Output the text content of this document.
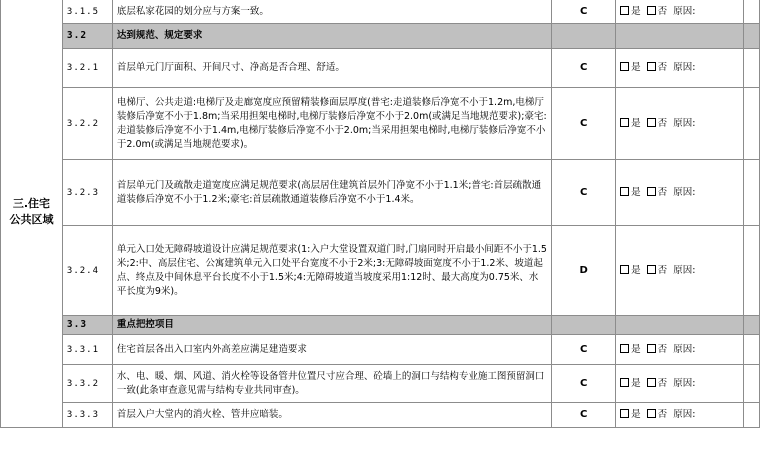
三.住宅
公共区域	3.1.5	底层私家花园的划分应与方案一致。	C	是 否 原因:	
	3.2	达到规范、规定要求			
	3.2.1	首层单元门厅面积、开间尺寸、净高是否合理、舒适。	C	是 否 原因:	
	3.2.2	电梯厅、公共走道:电梯厅及走廊宽度应预留精装修面层厚度(普宅:走道装修后净宽不小于1.2m,电梯厅装修后净宽不小于1.8m;当采用担架电梯时,电梯厅装修后净宽不小于2.0m(或满足当地规范要求);豪宅:走道装修后净宽不小于1.4m,电梯厅装修后净宽不小于2.0m;当采用担架电梯时,电梯厅装修后净宽不小于2.0m(或满足当地规范要求)。	C	是 否 原因:	
	3.2.3	首层单元门及疏散走道宽度应满足规范要求(高层居住建筑首层外门净宽不小于1.1米;普宅:首层疏散通道装修后净宽不小于1.2米;豪宅:首层疏散通道装修后净宽不小于1.4米。	C	是 否 原因:	
	3.2.4	单元入口处无障碍坡道设计应满足规范要求(1:入户大堂设置双道门时,门扇同时开启最小间距不小于1.5米;2:中、高层住宅、公寓建筑单元入口处平台宽度不小于2米;3:无障碍坡面宽度不小于1.2米、坡道起点、终点及中间休息平台长度不小于1.5米;4:无障碍坡道当坡度采用1:12时、最大高度为0.75米、水平长度为9米)。	D	是 否 原因:	
	3.3	重点把控项目			
	3.3.1	住宅首层各出入口室内外高差应满足建造要求	C	是 否 原因:	
	3.3.2	水、电、暖、烟、风道、消火栓等设备管井位置尺寸应合理、砼墙上的洞口与结构专业施工图预留洞口一致(此条审查意见需与结构专业共同审查)。	C	是 否 原因:	
	3.3.3	首层入户大堂内的消火栓、管井应暗装。	C	是 否 原因:	
